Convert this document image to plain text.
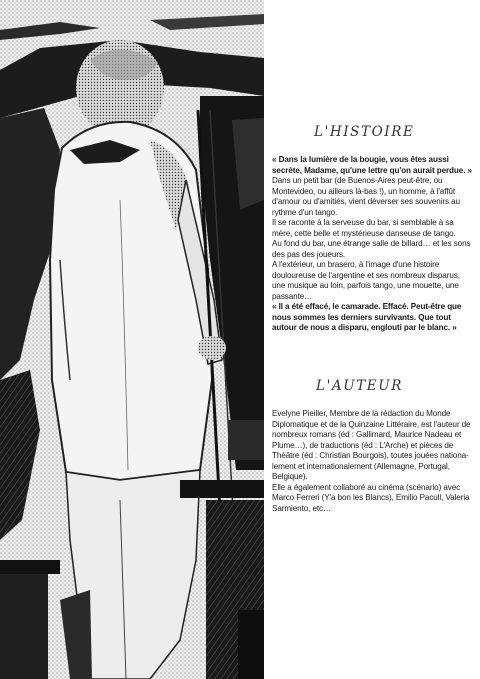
L'HISTOIRE
« Dans la lumière de la bougie, vous êtes aussi secrète, Madame, qu'une lettre qu'on aurait perdue. »
Dans un petit bar (de Buenos-Aires peut-être, ou Montevideo, ou ailleurs là-bas !), un homme, à l'affût d'amour ou d'amitiés, vient déverser ses souvenirs au rythme d'un tango.
Il se raconte à la serveuse du bar, si semblable à sa mère, cette belle et mystérieuse danseuse de tango.
Au fond du bar, une étrange salle de billard… et les sons des pas des joueurs.
A l'extérieur, un brasero, à l'image d'une histoire douloureuse de l'argentine et ses nombreux disparus, une musique au loin, parfois tango, une mouette, une passante…
« Il a été effacé, le camarade. Effacé. Peut-être que nous sommes les derniers survivants. Que tout autour de nous a disparu, englouti par le blanc. »
L'AUTEUR
Evelyne Pieiller, Membre de la rédaction du Monde Diplomatique et de la Quinzaine Littéraire, est l'auteur de nombreux romans (éd : Gallimard, Maurice Nadeau et Plume…), de traductions (éd : L'Arche) et pièces de Théâtre (éd : Christian Bourgois), toutes jouées nationa-lement et internationalement (Allemagne, Portugal, Belgique).
Elle a également collaboré au cinéma (scénario) avec Marco Ferreri (Y'a bon les Blancs), Emilio Pacull, Valeria Sarmiento, etc…
